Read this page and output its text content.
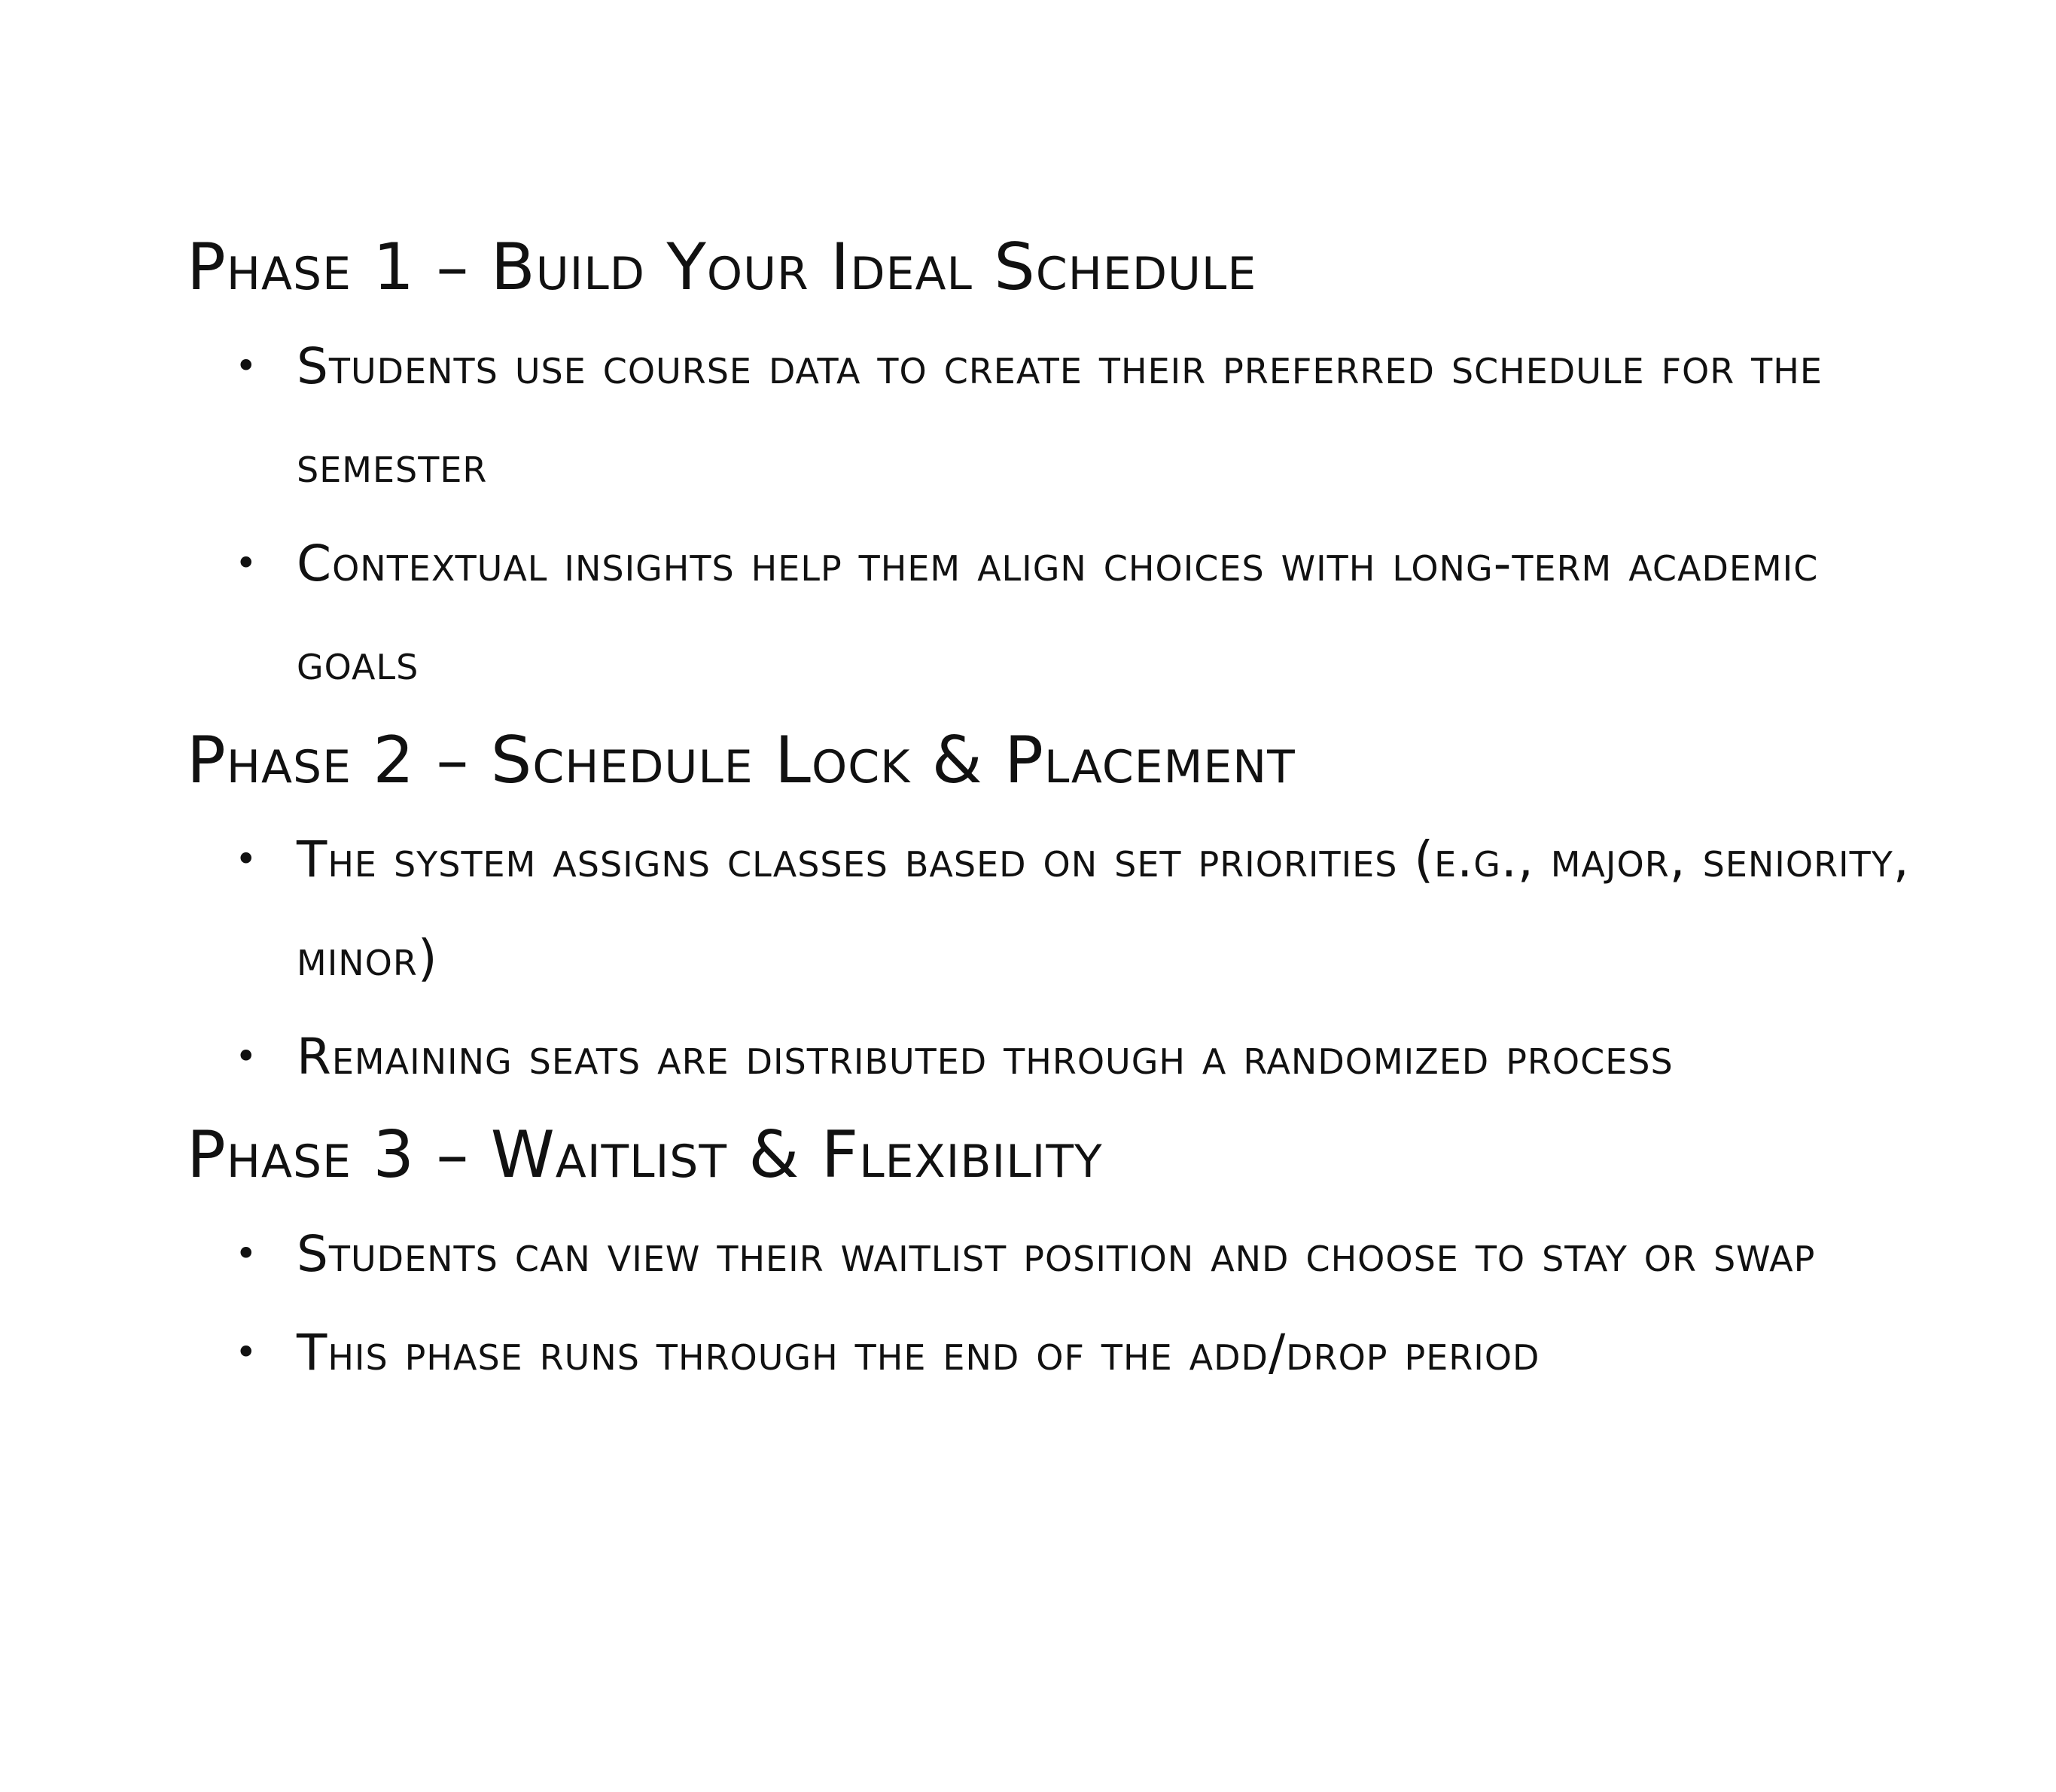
Phase 1 – Build Your Ideal Schedule
• Students use course data to create their preferred schedule for the semester
• Contextual insights help them align choices with long-term academic goals
Phase 2 – Schedule Lock & Placement
• The system assigns classes based on set priorities (e.g., major, seniority, minor)
• Remaining seats are distributed through a randomized process
Phase 3 – Waitlist & Flexibility
• Students can view their waitlist position and choose to stay or swap
• This phase runs through the end of the add/drop period
